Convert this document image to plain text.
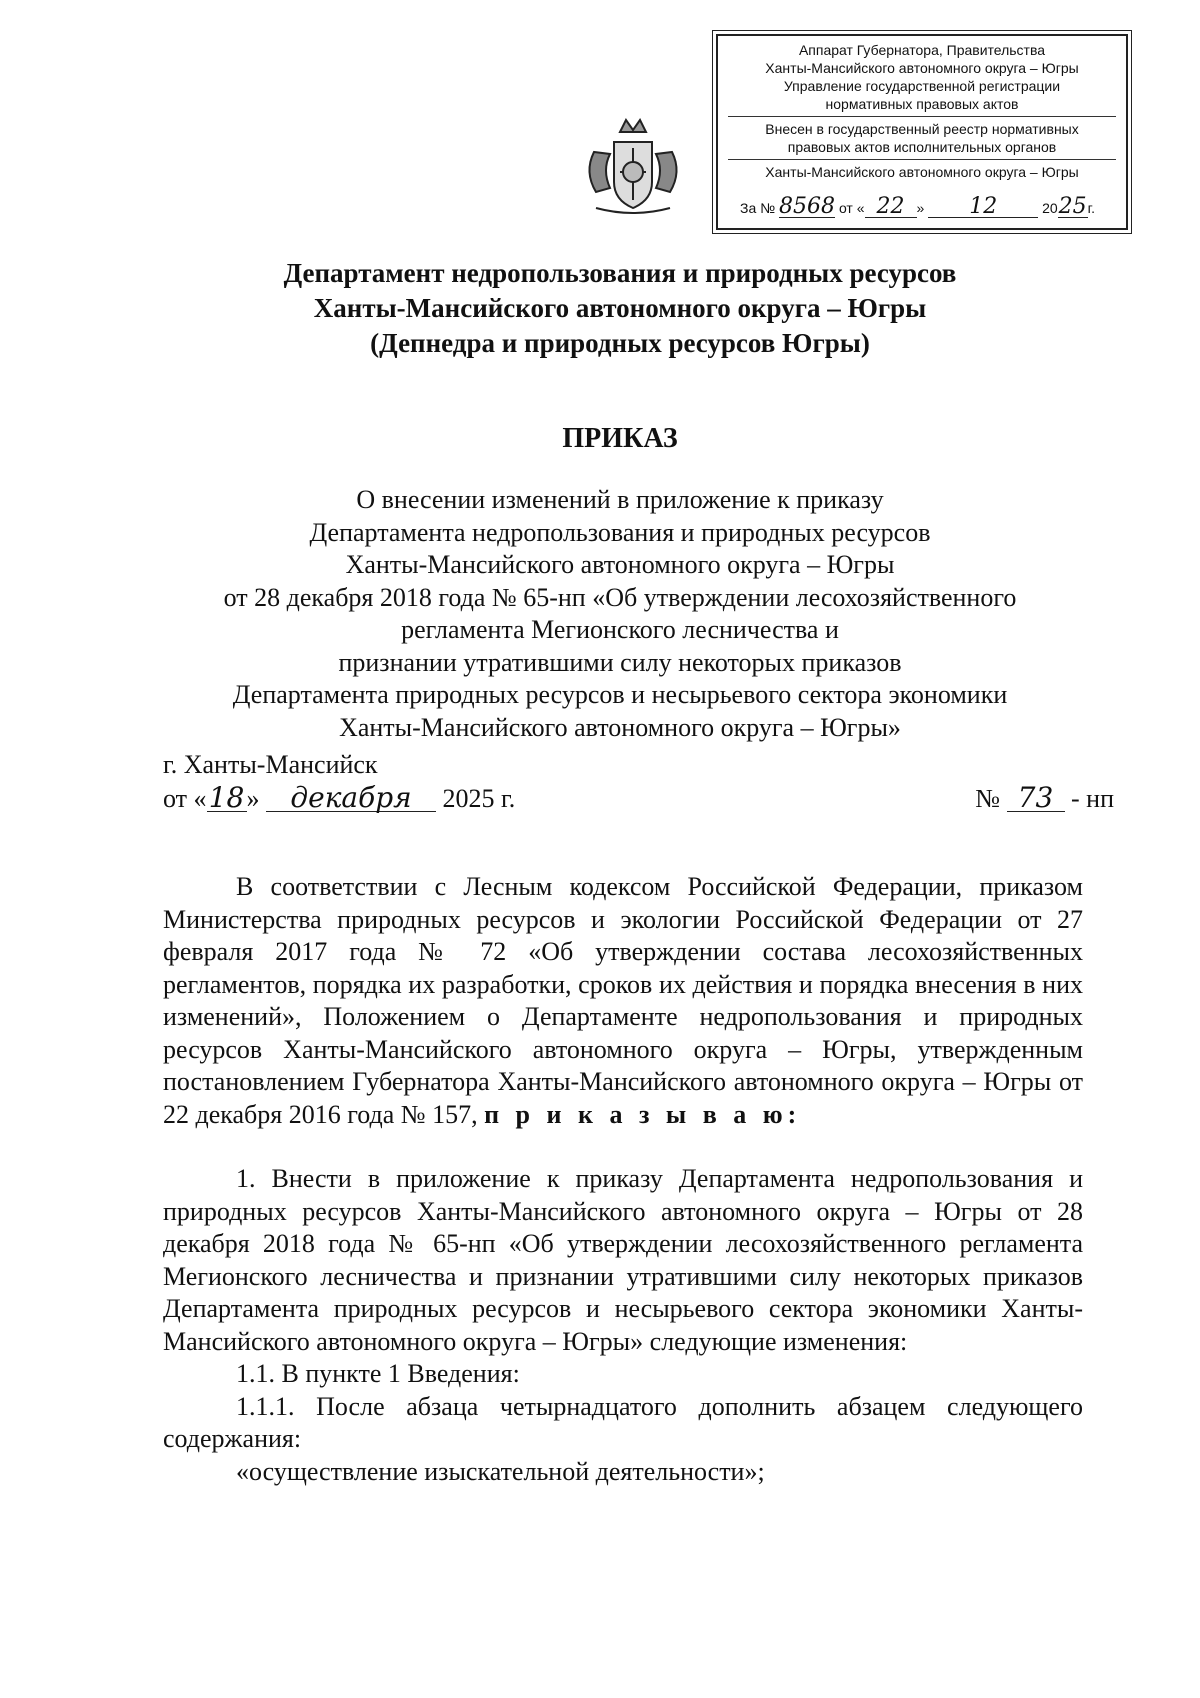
Аппарат Губернатора, Правительства
Ханты-Мансийского автономного округа – Югры
Управление государственной регистрации
нормативных правовых актов
Внесен в государственный реестр нормативных
правовых актов исполнительных органов
Ханты-Мансийского автономного округа – Югры
За № 8568 от « 22 » 12	2025г.
Департамент недропользования и природных ресурсов
Ханты-Мансийского автономного округа – Югры
(Депнедра и природных ресурсов Югры)
ПРИКАЗ
О внесении изменений в приложение к приказу
Департамента недропользования и природных ресурсов
Ханты-Мансийского автономного округа – Югры
от 28 декабря 2018 года № 65-нп «Об утверждении лесохозяйственного
регламента Мегионского лесничества и
признании утратившими силу некоторых приказов
Департамента природных ресурсов и несырьевого сектора экономики
Ханты-Мансийского автономного округа – Югры»
г. Ханты-Мансийск
от «18» декабря 2025 г.	№ 73 - нп

В соответствии с Лесным кодексом Российской Федерации, приказом Министерства природных ресурсов и экологии Российской Федерации от 27 февраля 2017 года № 72 «Об утверждении состава лесохозяйственных регламентов, порядка их разработки, сроков их действия и порядка внесения в них изменений», Положением о Департаменте недропользования и природных ресурсов Ханты-Мансийского автономного округа – Югры, утвержденным постановлением Губернатора Ханты-Мансийского автономного округа – Югры от 22 декабря 2016 года № 157, п р и к а з ы в а ю:

1. Внести в приложение к приказу Департамента недропользования и природных ресурсов Ханты-Мансийского автономного округа – Югры от 28 декабря 2018 года № 65-нп «Об утверждении лесохозяйственного регламента Мегионского лесничества и признании утратившими силу некоторых приказов Департамента природных ресурсов и несырьевого сектора экономики Ханты-Мансийского автономного округа – Югры» следующие изменения:

1.1. В пункте 1 Введения:

1.1.1. После абзаца четырнадцатого дополнить абзацем следующего содержания:

«осуществление изыскательной деятельности»;
